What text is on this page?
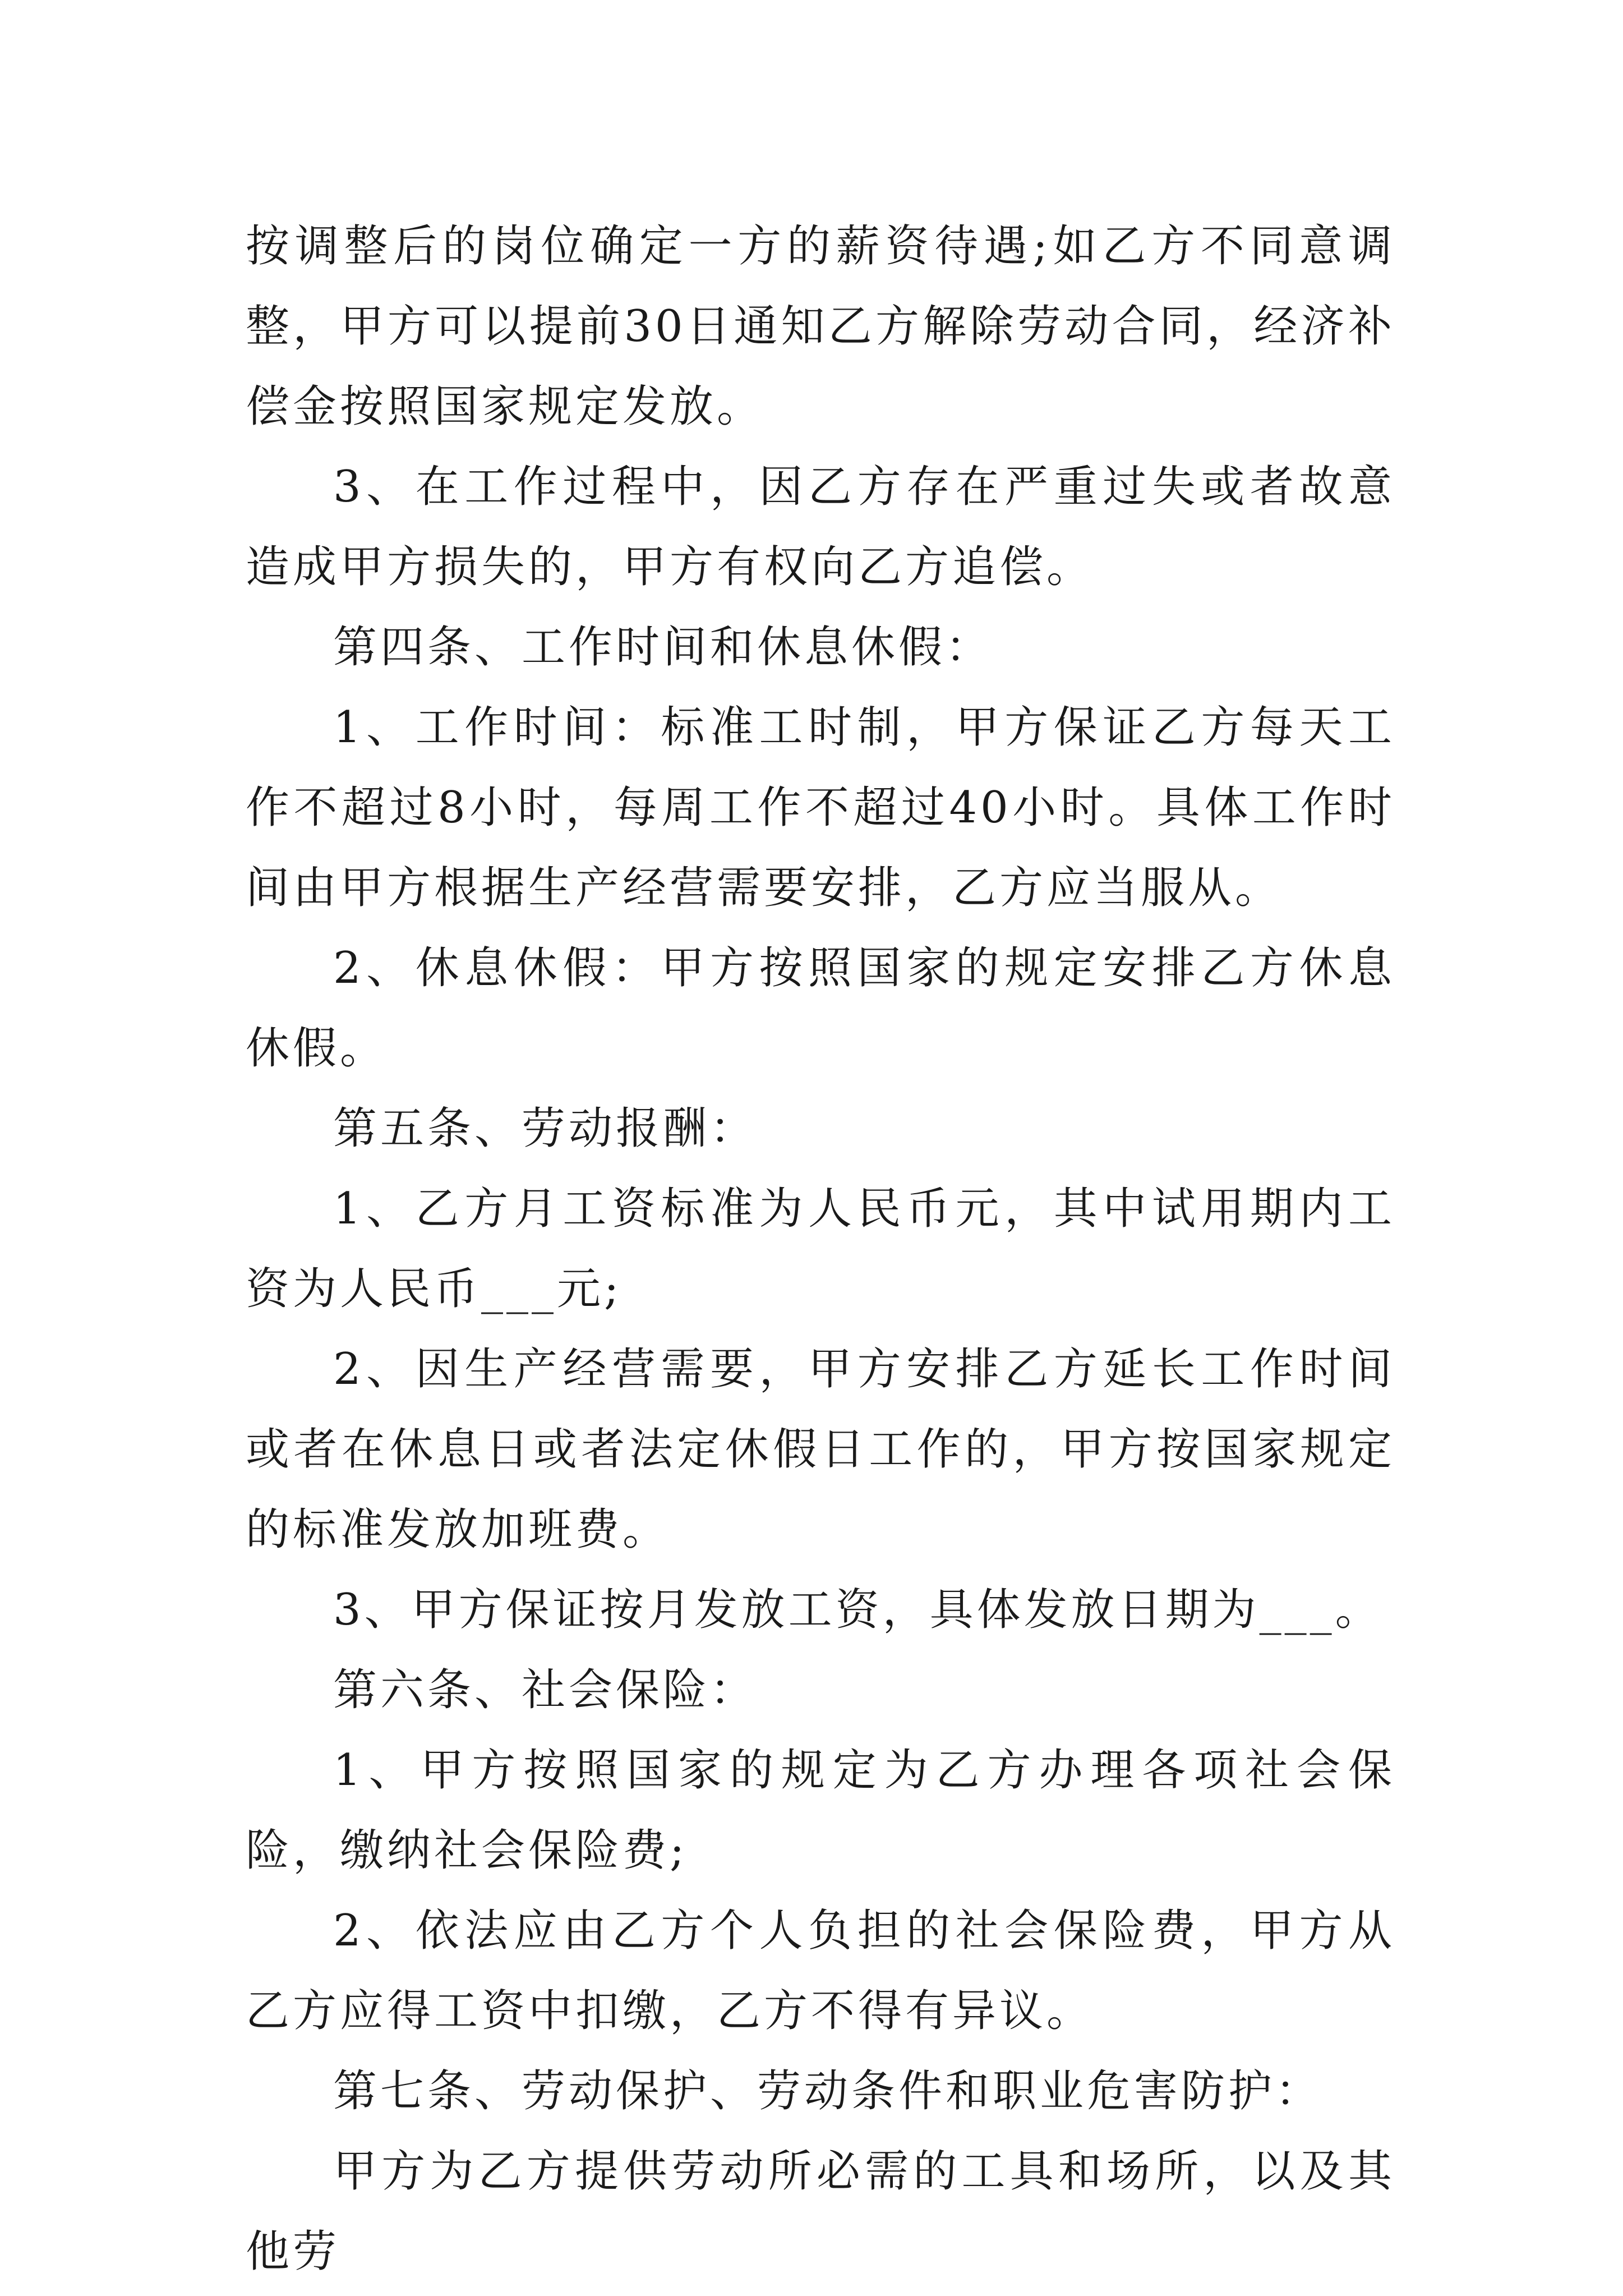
按调整后的岗位确定一方的薪资待遇;如乙方不同意调整，甲方可以提前30日通知乙方解除劳动合同，经济补偿金按照国家规定发放。

3、在工作过程中，因乙方存在严重过失或者故意造成甲方损失的，甲方有权向乙方追偿。

第四条、工作时间和休息休假：

1、工作时间：标准工时制，甲方保证乙方每天工作不超过8小时，每周工作不超过40小时。具体工作时间由甲方根据生产经营需要安排，乙方应当服从。

2、休息休假：甲方按照国家的规定安排乙方休息休假。

第五条、劳动报酬：

1、乙方月工资标准为人民币元，其中试用期内工资为人民币___元;

2、因生产经营需要，甲方安排乙方延长工作时间或者在休息日或者法定休假日工作的，甲方按国家规定的标准发放加班费。

3、甲方保证按月发放工资，具体发放日期为___。

第六条、社会保险：

1、甲方按照国家的规定为乙方办理各项社会保险，缴纳社会保险费;

2、依法应由乙方个人负担的社会保险费，甲方从乙方应得工资中扣缴，乙方不得有异议。

第七条、劳动保护、劳动条件和职业危害防护：

甲方为乙方提供劳动所必需的工具和场所，以及其他劳
